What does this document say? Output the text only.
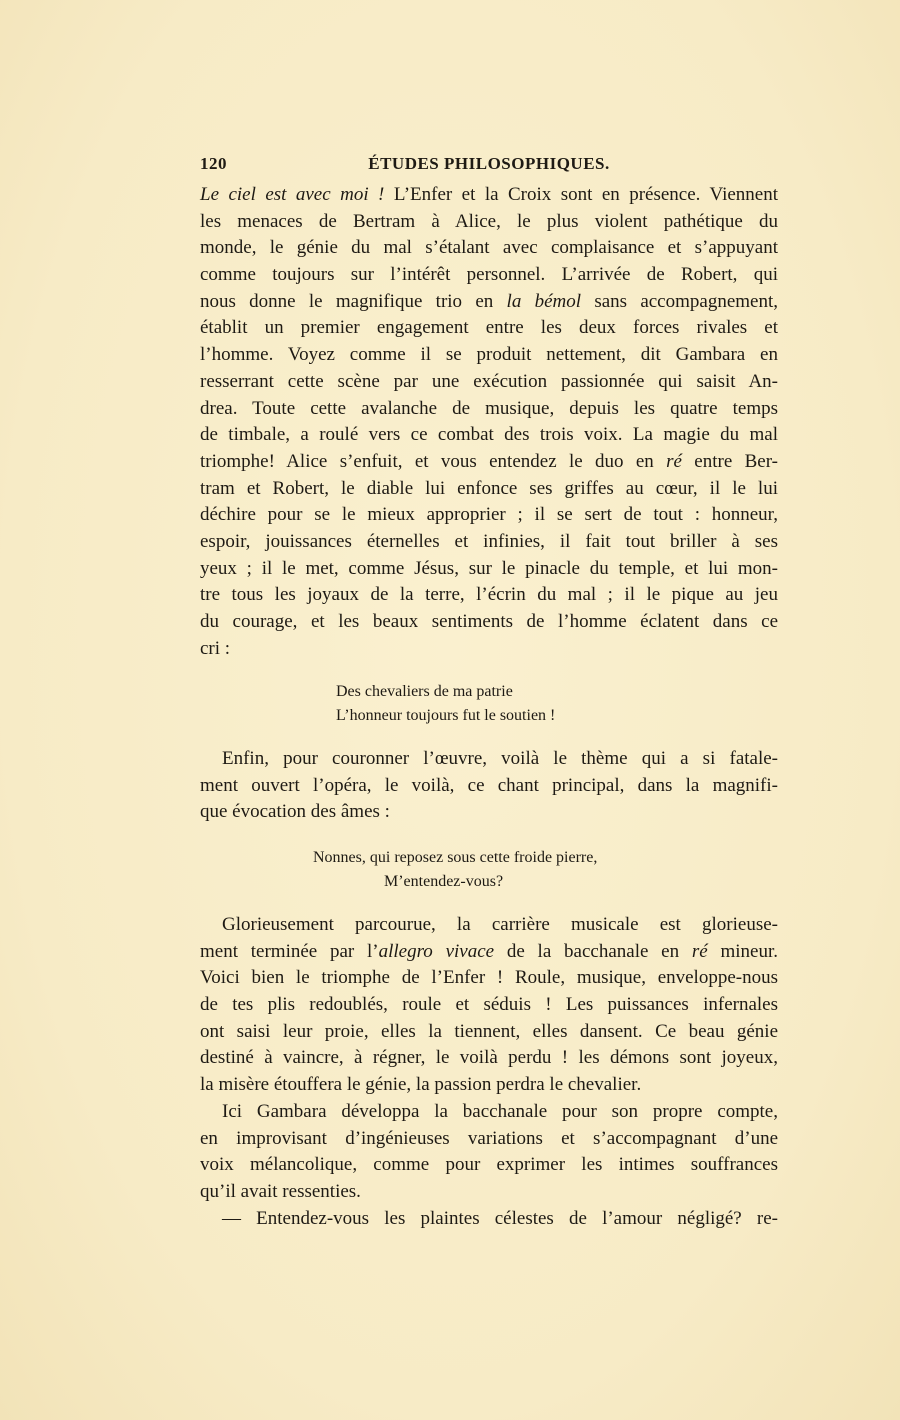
120	ÉTUDES PHILOSOPHIQUES.
Le ciel est avec moi ! L’Enfer et la Croix sont en présence. Viennent
les menaces de Bertram à Alice, le plus violent pathétique du
monde, le génie du mal s’étalant avec complaisance et s’appuyant
comme toujours sur l’intérêt personnel. L’arrivée de Robert, qui
nous donne le magnifique trio en la bémol sans accompagnement,
établit un premier engagement entre les deux forces rivales et
l’homme. Voyez comme il se produit nettement, dit Gambara en
resserrant cette scène par une exécution passionnée qui saisit An-
drea. Toute cette avalanche de musique, depuis les quatre temps
de timbale, a roulé vers ce combat des trois voix. La magie du mal
triomphe! Alice s’enfuit, et vous entendez le duo en ré entre Ber-
tram et Robert, le diable lui enfonce ses griffes au cœur, il le lui
déchire pour se le mieux approprier ; il se sert de tout : honneur,
espoir, jouissances éternelles et infinies, il fait tout briller à ses
yeux ; il le met, comme Jésus, sur le pinacle du temple, et lui mon-
tre tous les joyaux de la terre, l’écrin du mal ; il le pique au jeu
du courage, et les beaux sentiments de l’homme éclatent dans ce
cri :
Des chevaliers de ma patrie
L’honneur toujours fut le soutien !
Enfin, pour couronner l’œuvre, voilà le thème qui a si fatale-
ment ouvert l’opéra, le voilà, ce chant principal, dans la magnifi-
que évocation des âmes :
Nonnes, qui reposez sous cette froide pierre,
M’entendez-vous?
Glorieusement parcourue, la carrière musicale est glorieuse-
ment terminée par l’allegro vivace de la bacchanale en ré mineur.
Voici bien le triomphe de l’Enfer ! Roule, musique, enveloppe-nous
de tes plis redoublés, roule et séduis ! Les puissances infernales
ont saisi leur proie, elles la tiennent, elles dansent. Ce beau génie
destiné à vaincre, à régner, le voilà perdu ! les démons sont joyeux,
la misère étouffera le génie, la passion perdra le chevalier.
Ici Gambara développa la bacchanale pour son propre compte,
en improvisant d’ingénieuses variations et s’accompagnant d’une
voix mélancolique, comme pour exprimer les intimes souffrances
qu’il avait ressenties.
— Entendez-vous les plaintes célestes de l’amour négligé? re-
